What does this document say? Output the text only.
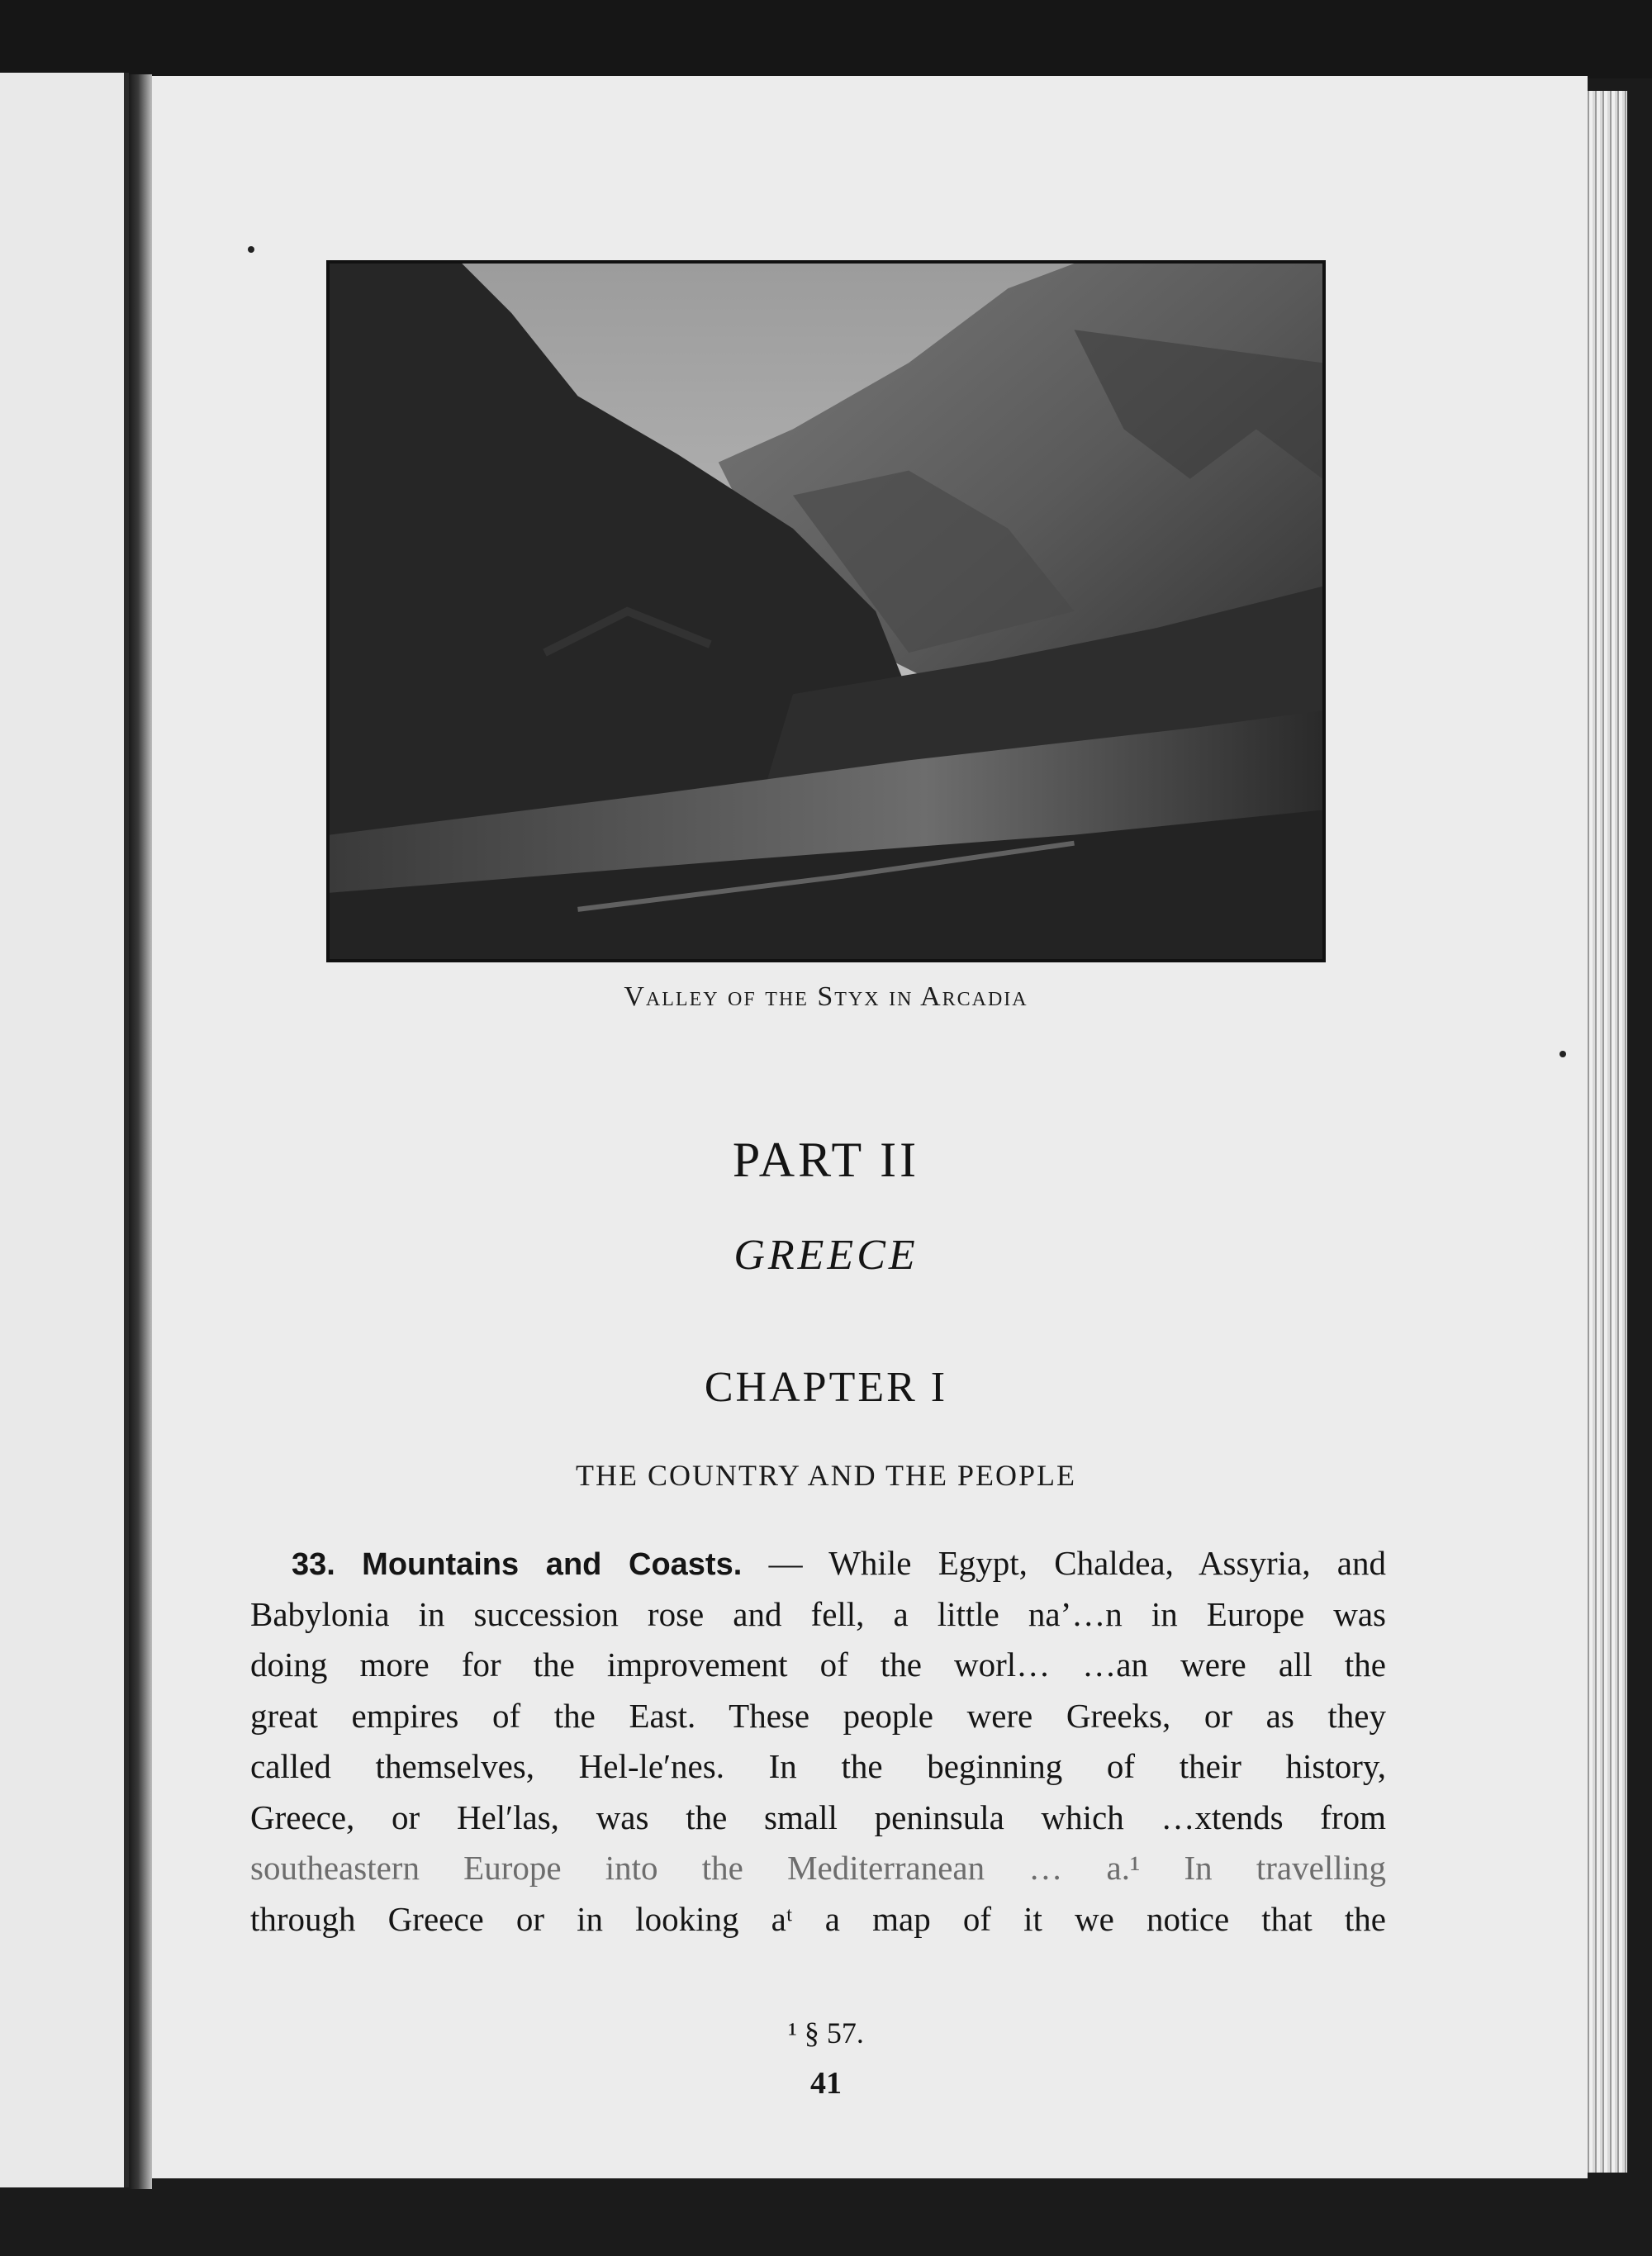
Valley of the Styx in Arcadia
PART II
GREECE
CHAPTER I
THE COUNTRY AND THE PEOPLE
33. Mountains and Coasts. — While Egypt, Chaldea, Assyria, and
Babylonia in succession rose and fell, a little na’…n in Europe was
doing more for the improvement of the worl… …an were all the
great empires of the East. These people were Greeks, or as they
called themselves, Hel-le′nes. In the beginning of their history,
Greece, or Hel′las, was the small peninsula which …xtends from
southeastern Europe into the Mediterranean … a.¹ In travelling
through Greece or in looking aᵗ a map of it we notice that the
¹ § 57.
41
